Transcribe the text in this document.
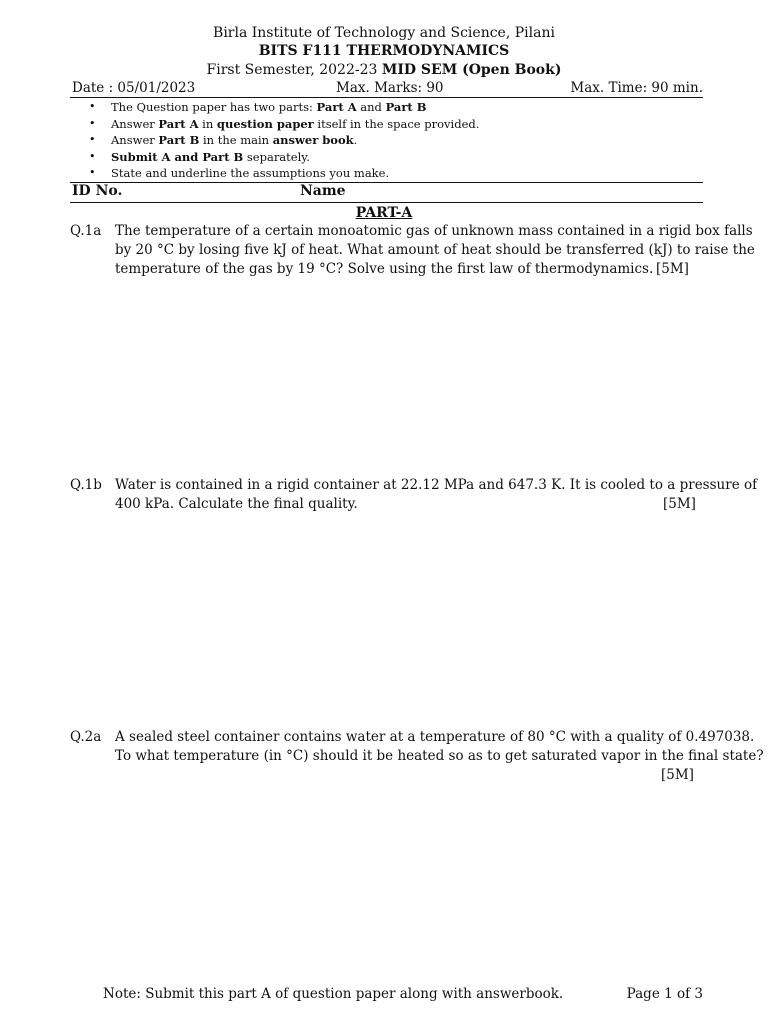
Birla Institute of Technology and Science, Pilani
BITS F111 THERMODYNAMICS
First Semester, 2022-23 MID SEM (Open Book)
Date : 05/01/2023	Max. Marks: 90	Max. Time: 90 min.
• The Question paper has two parts: Part A and Part B
• Answer Part A in question paper itself in the space provided.
• Answer Part B in the main answer book.
• Submit A and Part B separately.
• State and underline the assumptions you make.
ID No.	Name
PART-A
Q.1a The temperature of a certain monoatomic gas of unknown mass contained in a rigid box falls
by 20 °C by losing five kJ of heat. What amount of heat should be transferred (kJ) to raise the
temperature of the gas by 19 °C? Solve using the first law of thermodynamics. [5M]
Q.1b Water is contained in a rigid container at 22.12 MPa and 647.3 K. It is cooled to a pressure of
400 kPa. Calculate the final quality.	[5M]
Q.2a A sealed steel container contains water at a temperature of 80 °C with a quality of 0.497038.
To what temperature (in °C) should it be heated so as to get saturated vapor in the final state?
[5M]
Note: Submit this part A of question paper along with answerbook.	Page 1 of 3
